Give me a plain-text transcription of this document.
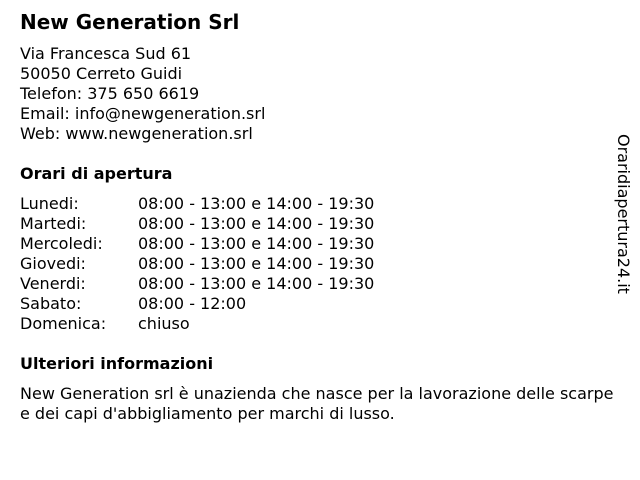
New Generation Srl
Via Francesca Sud 61
50050 Cerreto Guidi
Telefon: 375 650 6619
Email: info@newgeneration.srl
Web: www.newgeneration.srl
Orari di apertura
Lunedi:	08:00 - 13:00 e 14:00 - 19:30
Martedi:	08:00 - 13:00 e 14:00 - 19:30
Mercoledi:	08:00 - 13:00 e 14:00 - 19:30
Giovedi:	08:00 - 13:00 e 14:00 - 19:30
Venerdi:	08:00 - 13:00 e 14:00 - 19:30
Sabato:	08:00 - 12:00
Domenica:	chiuso
Ulteriori informazioni
New Generation srl è unazienda che nasce per la lavorazione delle scarpe e dei capi d'abbigliamento per marchi di lusso.
Oraridiapertura24.it
